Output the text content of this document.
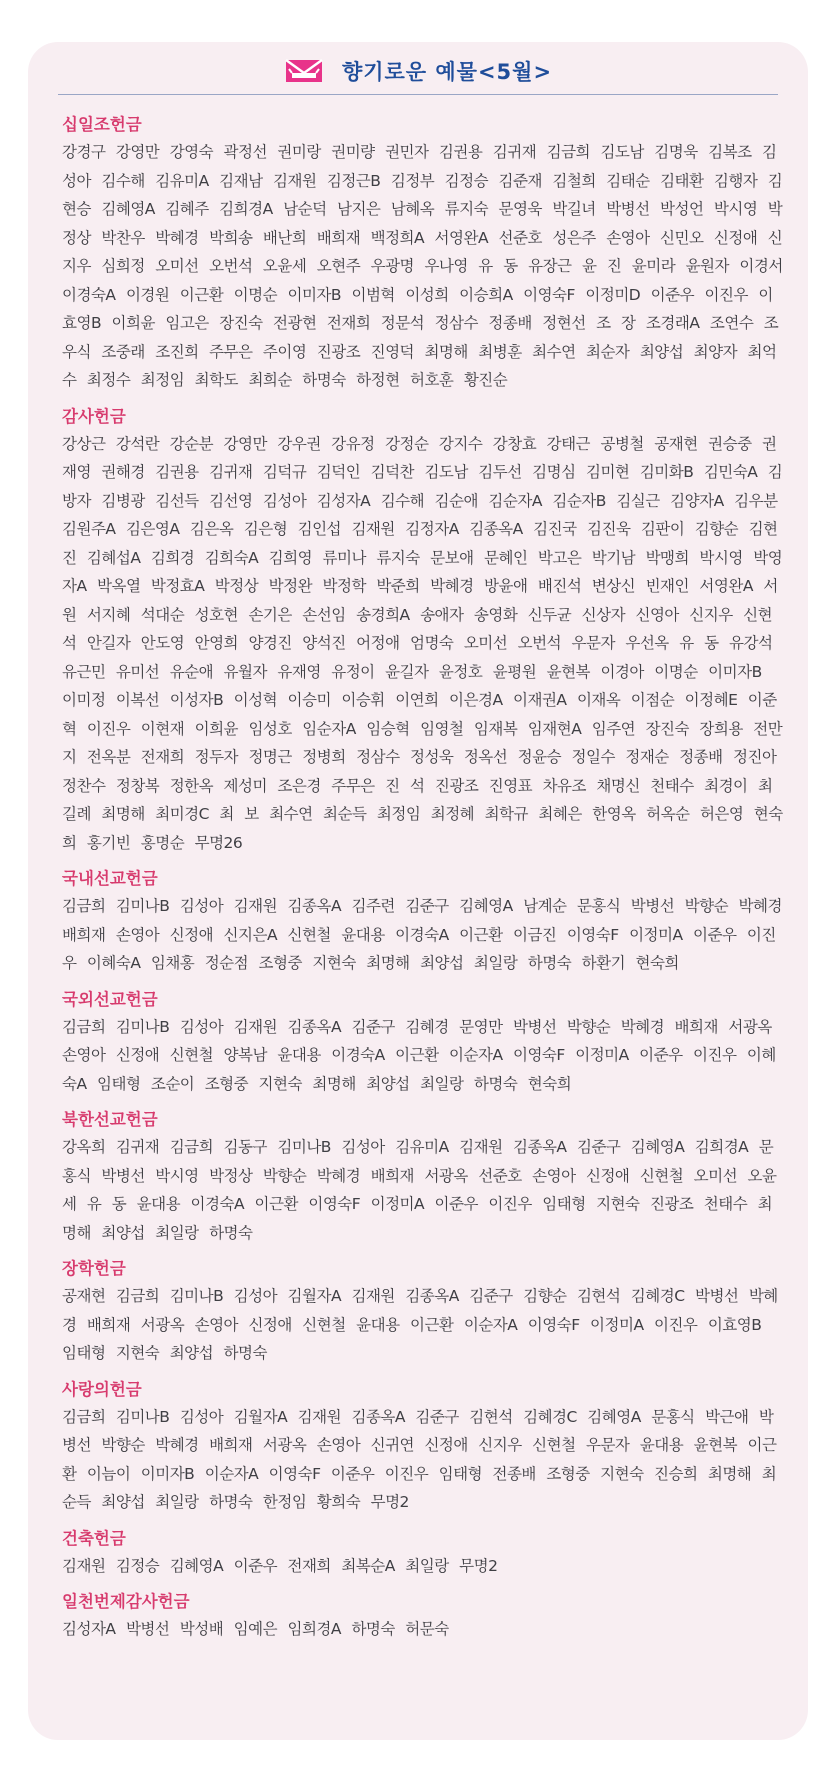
향기로운 예물<5월>
십일조헌금
강경구 강영만 강영숙 곽정선 권미랑 권미량 권민자 김권용 김귀재 김금희 김도남 김명욱 김복조 김성아 김수해 김유미A 김재남 김재원 김정근B 김정부 김정승 김준재 김철희 김태순 김태환 김행자 김현승 김혜영A 김혜주 김희경A 남순덕 남지은 남혜옥 류지숙 문영욱 박길녀 박병선 박성언 박시영 박정상 박찬우 박혜경 박희송 배난희 배희재 백정희A 서영완A 선준호 성은주 손영아 신민오 신정애 신지우 심희정 오미선 오번석 오윤세 오현주 우광명 우나영 유 동 유장근 윤 진 윤미라 윤원자 이경서 이경숙A 이경원 이근환 이명순 이미자B 이범혁 이성희 이승희A 이영숙F 이정미D 이준우 이진우 이효영B 이희윤 임고은 장진숙 전광현 전재희 정문석 정삼수 정종배 정현선 조 장 조경래A 조연수 조우식 조중래 조진희 주무은 주이영 진광조 진영덕 최명해 최병훈 최수연 최순자 최양섭 최양자 최억수 최정수 최정임 최학도 최희순 하명숙 하정현 허호훈 황진순
감사헌금
강상근 강석란 강순분 강영만 강우권 강유정 강정순 강지수 강창효 강태근 공병철 공재현 권승중 권재영 권해경 김권용 김귀재 김덕규 김덕인 김덕찬 김도남 김두선 김명심 김미현 김미화B 김민숙A 김방자 김병광 김선득 김선영 김성아 김성자A 김수해 김순애 김순자A 김순자B 김실근 김양자A 김우분 김원주A 김은영A 김은옥 김은형 김인섭 김재원 김정자A 김종옥A 김진국 김진욱 김판이 김향순 김현진 김혜섭A 김희경 김희숙A 김희영 류미나 류지숙 문보애 문혜인 박고은 박기남 박맹희 박시영 박영자A 박옥열 박정효A 박정상 박정완 박정학 박준희 박혜경 방윤애 배진석 변상신 빈재인 서영완A 서 원 서지혜 석대순 성호현 손기은 손선임 송경희A 송애자 송영화 신두균 신상자 신영아 신지우 신현석 안길자 안도영 안영희 양경진 양석진 어정애 엄명숙 오미선 오번석 우문자 우선옥 유 동 유강석 유근민 유미선 유순애 유월자 유재영 유정이 윤길자 윤정호 윤평원 윤현복 이경아 이명순 이미자B 이미정 이복선 이성자B 이성혁 이승미 이승휘 이연희 이은경A 이재권A 이재옥 이점순 이정혜E 이준혁 이진우 이현재 이희윤 임성호 임순자A 임승혁 임영철 임재복 임재현A 임주연 장진숙 장희용 전만지 전옥분 전재희 정두자 정명근 정병희 정삼수 정성욱 정옥선 정윤승 정일수 정재순 정종배 정진아 정찬수 정창복 정한옥 제성미 조은경 주무은 진 석 진광조 진영표 차유조 채명신 천태수 최경이 최길례 최명해 최미경C 최 보 최수연 최순득 최정임 최정혜 최학규 최혜은 한영옥 허옥순 허은영 현숙희 홍기빈 홍명순 무명26
국내선교헌금
김금희 김미나B 김성아 김재원 김종옥A 김주련 김준구 김혜영A 남계순 문홍식 박병선 박향순 박혜경 배희재 손영아 신정애 신지은A 신현철 윤대용 이경숙A 이근환 이금진 이영숙F 이정미A 이준우 이진우 이혜숙A 임채홍 정순점 조형중 지현숙 최명해 최양섭 최일랑 하명숙 하환기 현숙희
국외선교헌금
김금희 김미나B 김성아 김재원 김종옥A 김준구 김혜경 문영만 박병선 박향순 박혜경 배희재 서광옥 손영아 신정애 신현철 양복남 윤대용 이경숙A 이근환 이순자A 이영숙F 이정미A 이준우 이진우 이혜숙A 임태형 조순이 조형중 지현숙 최명해 최양섭 최일랑 하명숙 현숙희
북한선교헌금
강옥희 김귀재 김금희 김동구 김미나B 김성아 김유미A 김재원 김종옥A 김준구 김혜영A 김희경A 문홍식 박병선 박시영 박정상 박향순 박혜경 배희재 서광옥 선준호 손영아 신정애 신현철 오미선 오윤세 유 동 윤대용 이경숙A 이근환 이영숙F 이정미A 이준우 이진우 임태형 지현숙 진광조 천태수 최명해 최양섭 최일랑 하명숙
장학헌금
공재현 김금희 김미나B 김성아 김월자A 김재원 김종옥A 김준구 김향순 김현석 김혜경C 박병선 박혜경 배희재 서광옥 손영아 신정애 신현철 윤대용 이근환 이순자A 이영숙F 이정미A 이진우 이효영B 임태형 지현숙 최양섭 하명숙
사랑의헌금
김금희 김미나B 김성아 김월자A 김재원 김종옥A 김준구 김현석 김혜경C 김혜영A 문홍식 박근애 박병선 박향순 박혜경 배희재 서광옥 손영아 신귀연 신정애 신지우 신현철 우문자 윤대용 윤현복 이근환 이늠이 이미자B 이순자A 이영숙F 이준우 이진우 임태형 전종배 조형중 지현숙 진승희 최명해 최순득 최양섭 최일랑 하명숙 한정임 황희숙 무명2
건축헌금
김재원 김정승 김혜영A 이준우 전재희 최복순A 최일랑 무명2
일천번제감사헌금
김성자A 박병선 박성배 임예은 임희경A 하명숙 허문숙
